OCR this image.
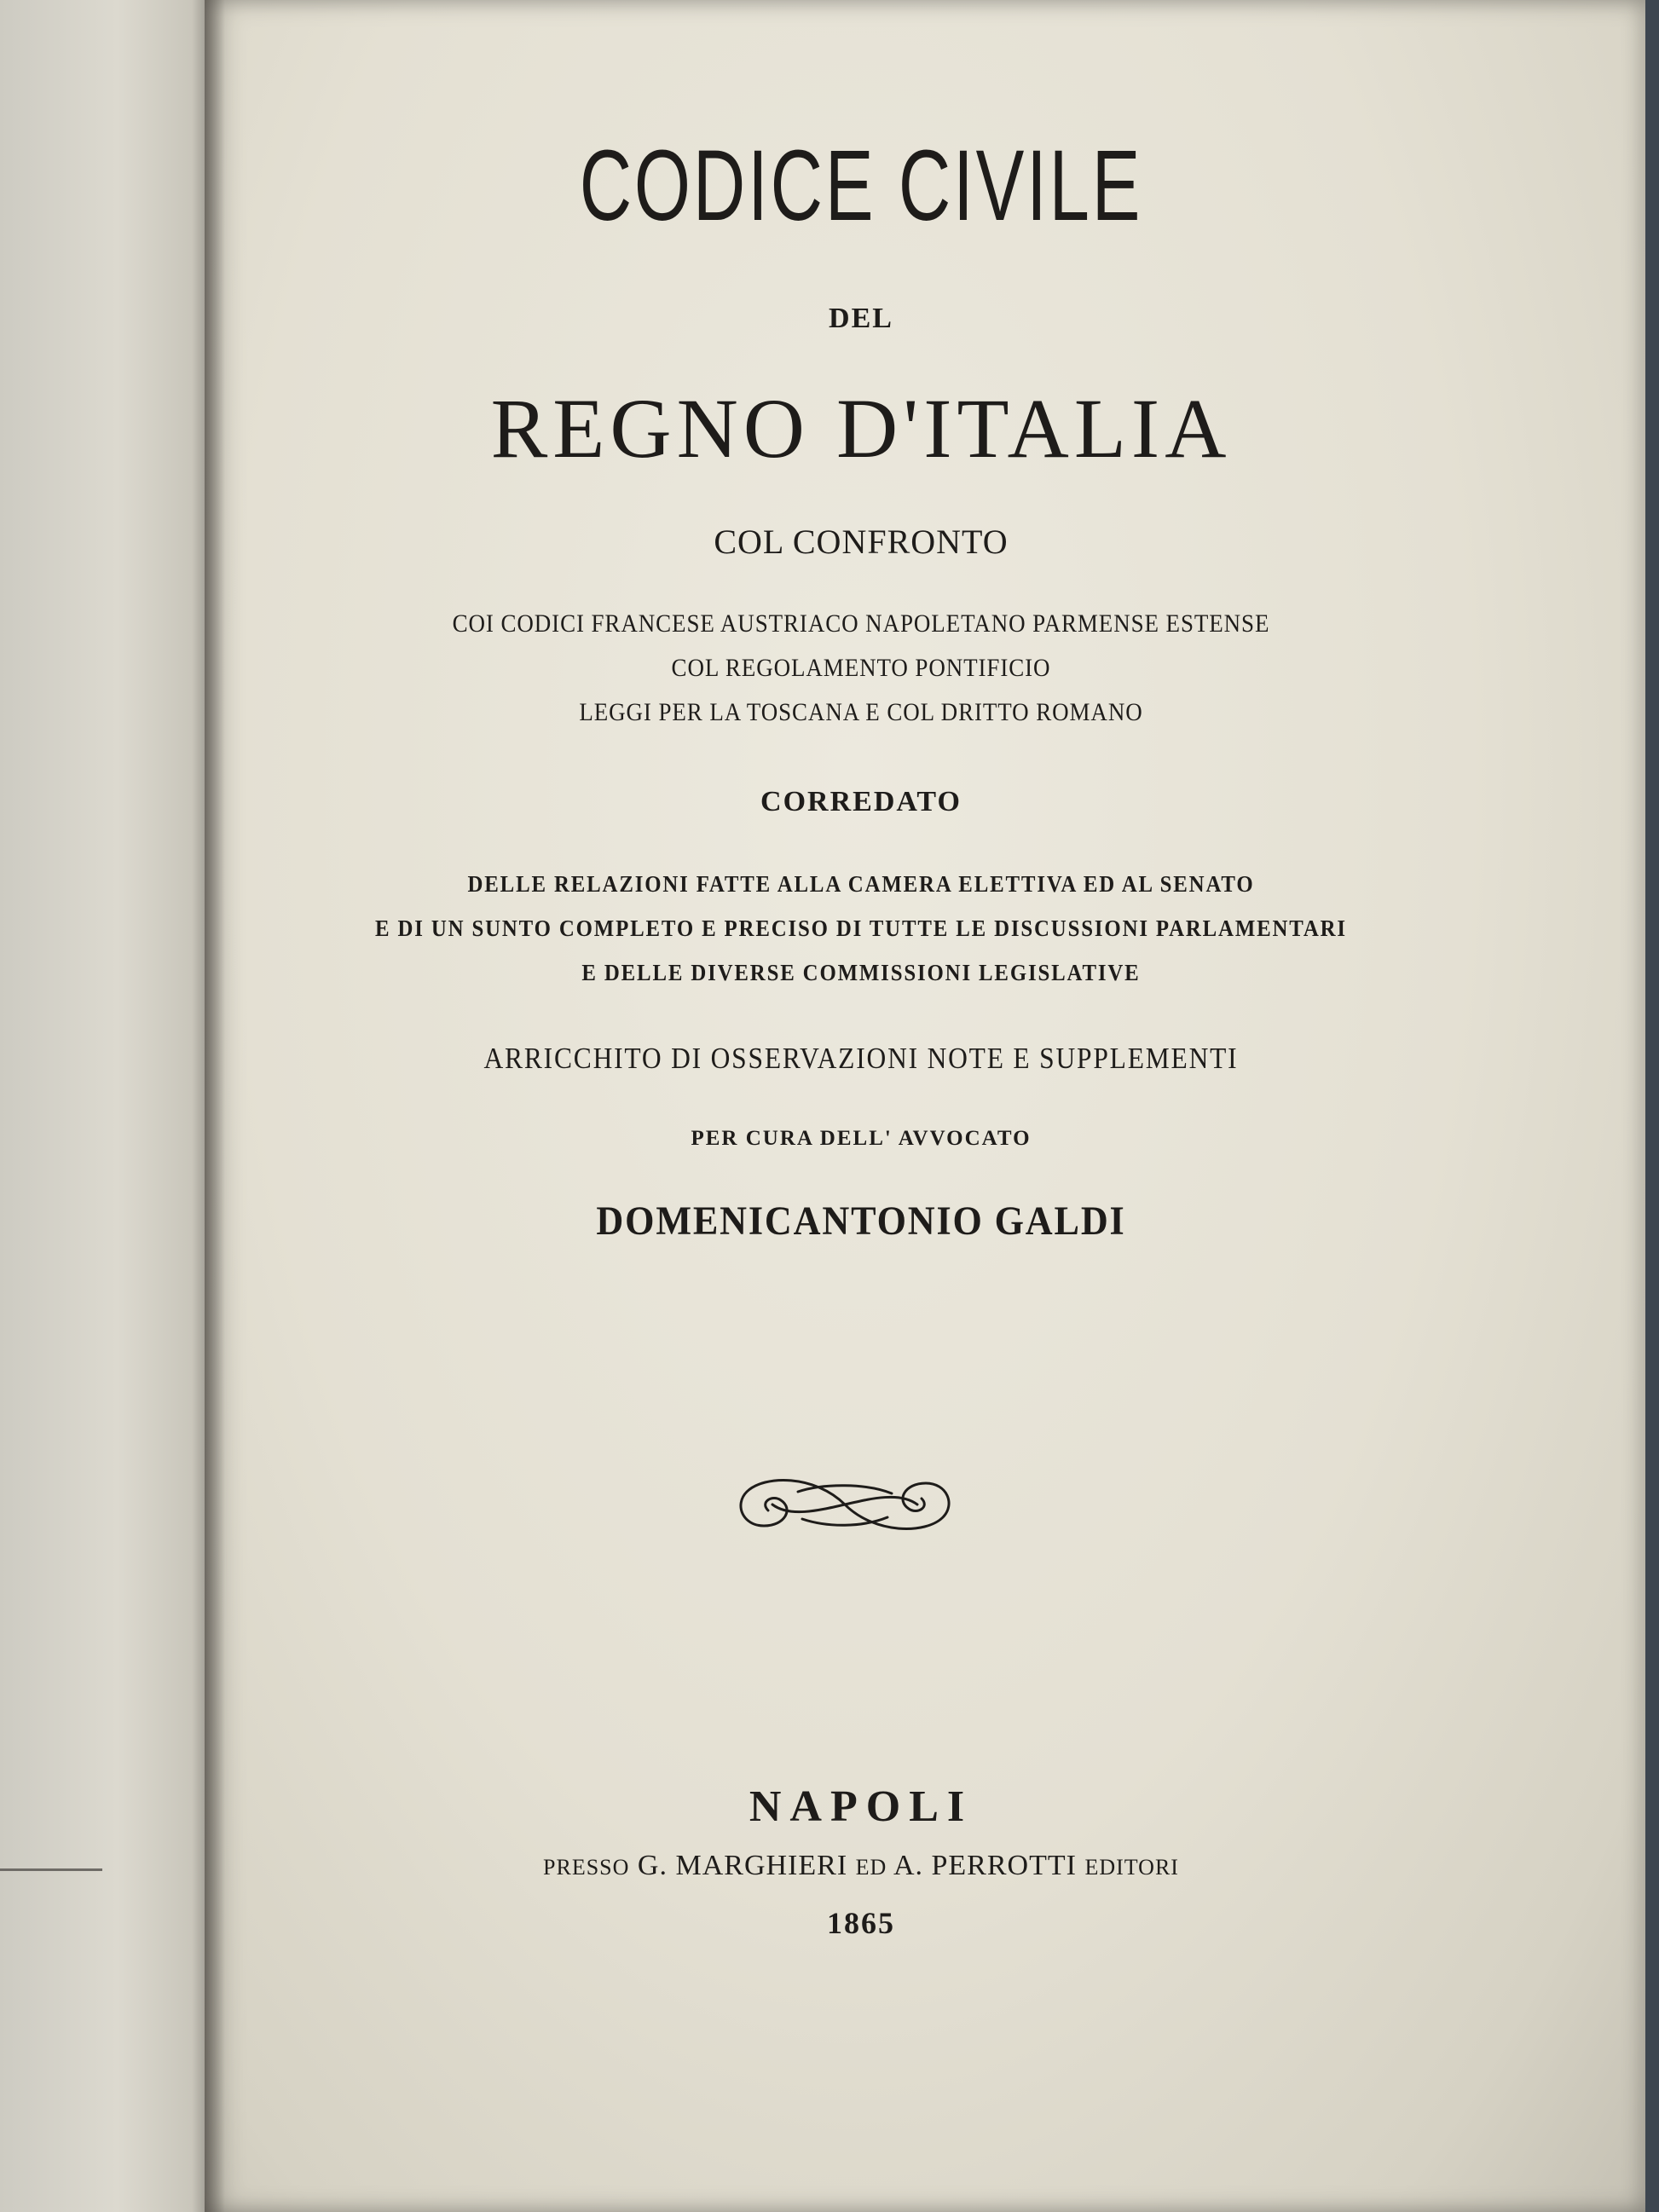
CODICE CIVILE
DEL
REGNO D'ITALIA
COL CONFRONTO
COI CODICI FRANCESE AUSTRIACO NAPOLETANO PARMENSE ESTENSE
COL REGOLAMENTO PONTIFICIO
LEGGI PER LA TOSCANA E COL DRITTO ROMANO
CORREDATO
DELLE RELAZIONI FATTE ALLA CAMERA ELETTIVA ED AL SENATO
E DI UN SUNTO COMPLETO E PRECISO DI TUTTE LE DISCUSSIONI PARLAMENTARI
E DELLE DIVERSE COMMISSIONI LEGISLATIVE
ARRICCHITO DI OSSERVAZIONI NOTE E SUPPLEMENTI
PER CURA DELL' AVVOCATO
DOMENICANTONIO GALDI
NAPOLI
PRESSO G. MARGHIERI ED A. PERROTTI EDITORI
1865
